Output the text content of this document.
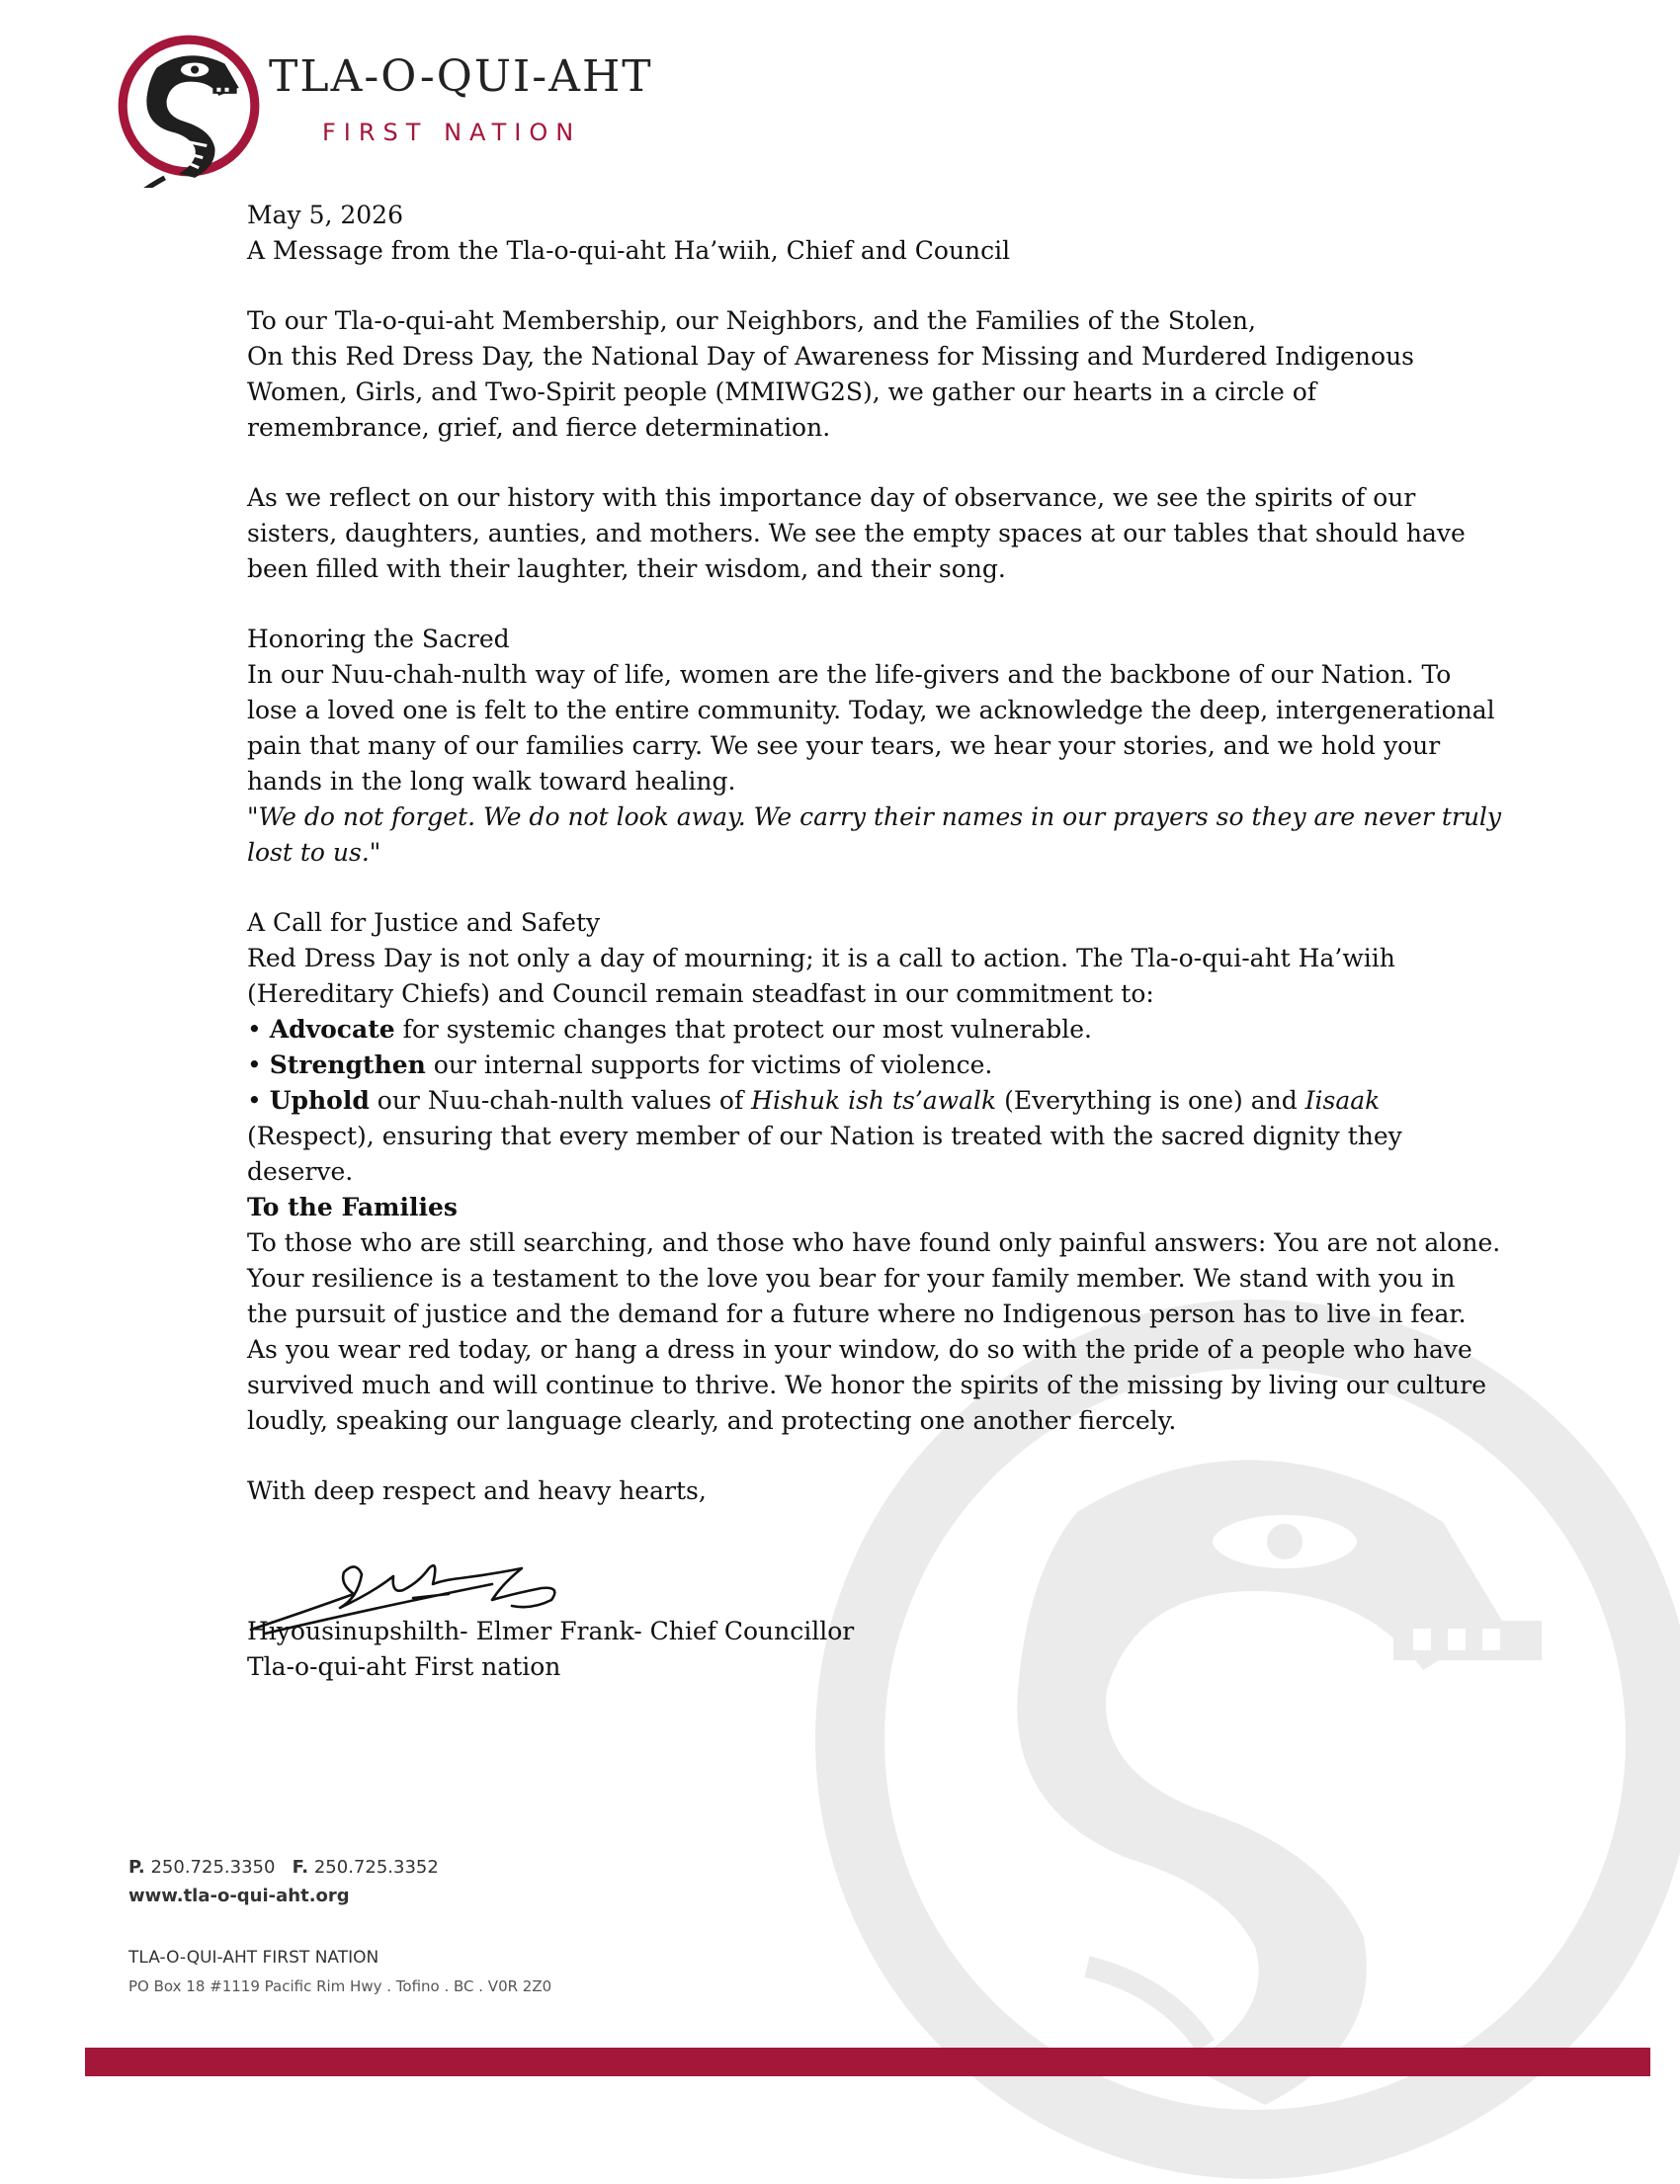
TLA-O-QUI-AHT
FIRST NATION

May 5, 2026

A Message from the Tla-o-qui-aht Ha’wiih, Chief and Council

To our Tla-o-qui-aht Membership, our Neighbors, and the Families of the Stolen,

On this Red Dress Day, the National Day of Awareness for Missing and Murdered Indigenous Women, Girls, and Two-Spirit people (MMIWG2S), we gather our hearts in a circle of remembrance, grief, and fierce determination.

As we reflect on our history with this importance day of observance, we see the spirits of our sisters, daughters, aunties, and mothers. We see the empty spaces at our tables that should have been filled with their laughter, their wisdom, and their song.

Honoring the Sacred

In our Nuu-chah-nulth way of life, women are the life-givers and the backbone of our Nation. To lose a loved one is felt to the entire community. Today, we acknowledge the deep, intergenerational pain that many of our families carry. We see your tears, we hear your stories, and we hold your hands in the long walk toward healing.

"We do not forget. We do not look away. We carry their names in our prayers so they are never truly lost to us."

A Call for Justice and Safety

Red Dress Day is not only a day of mourning; it is a call to action. The Tla-o-qui-aht Ha’wiih (Hereditary Chiefs) and Council remain steadfast in our commitment to:

• Advocate for systemic changes that protect our most vulnerable.

• Strengthen our internal supports for victims of violence.

• Uphold our Nuu-chah-nulth values of Hishuk ish ts’awalk (Everything is one) and Iisaak (Respect), ensuring that every member of our Nation is treated with the sacred dignity they deserve.

To the Families

To those who are still searching, and those who have found only painful answers: You are not alone. Your resilience is a testament to the love you bear for your family member. We stand with you in the pursuit of justice and the demand for a future where no Indigenous person has to live in fear.

As you wear red today, or hang a dress in your window, do so with the pride of a people who have survived much and will continue to thrive. We honor the spirits of the missing by living our culture loudly, speaking our language clearly, and protecting one another fiercely.

With deep respect and heavy hearts,

Hiyousinupshilth- Elmer Frank- Chief Councillor

Tla-o-qui-aht First nation

P. 250.725.3350 F. 250.725.3352
www.tla-o-qui-aht.org
TLA-O-QUI-AHT FIRST NATION
PO Box 18 #1119 Pacific Rim Hwy . Tofino . BC . V0R 2Z0
